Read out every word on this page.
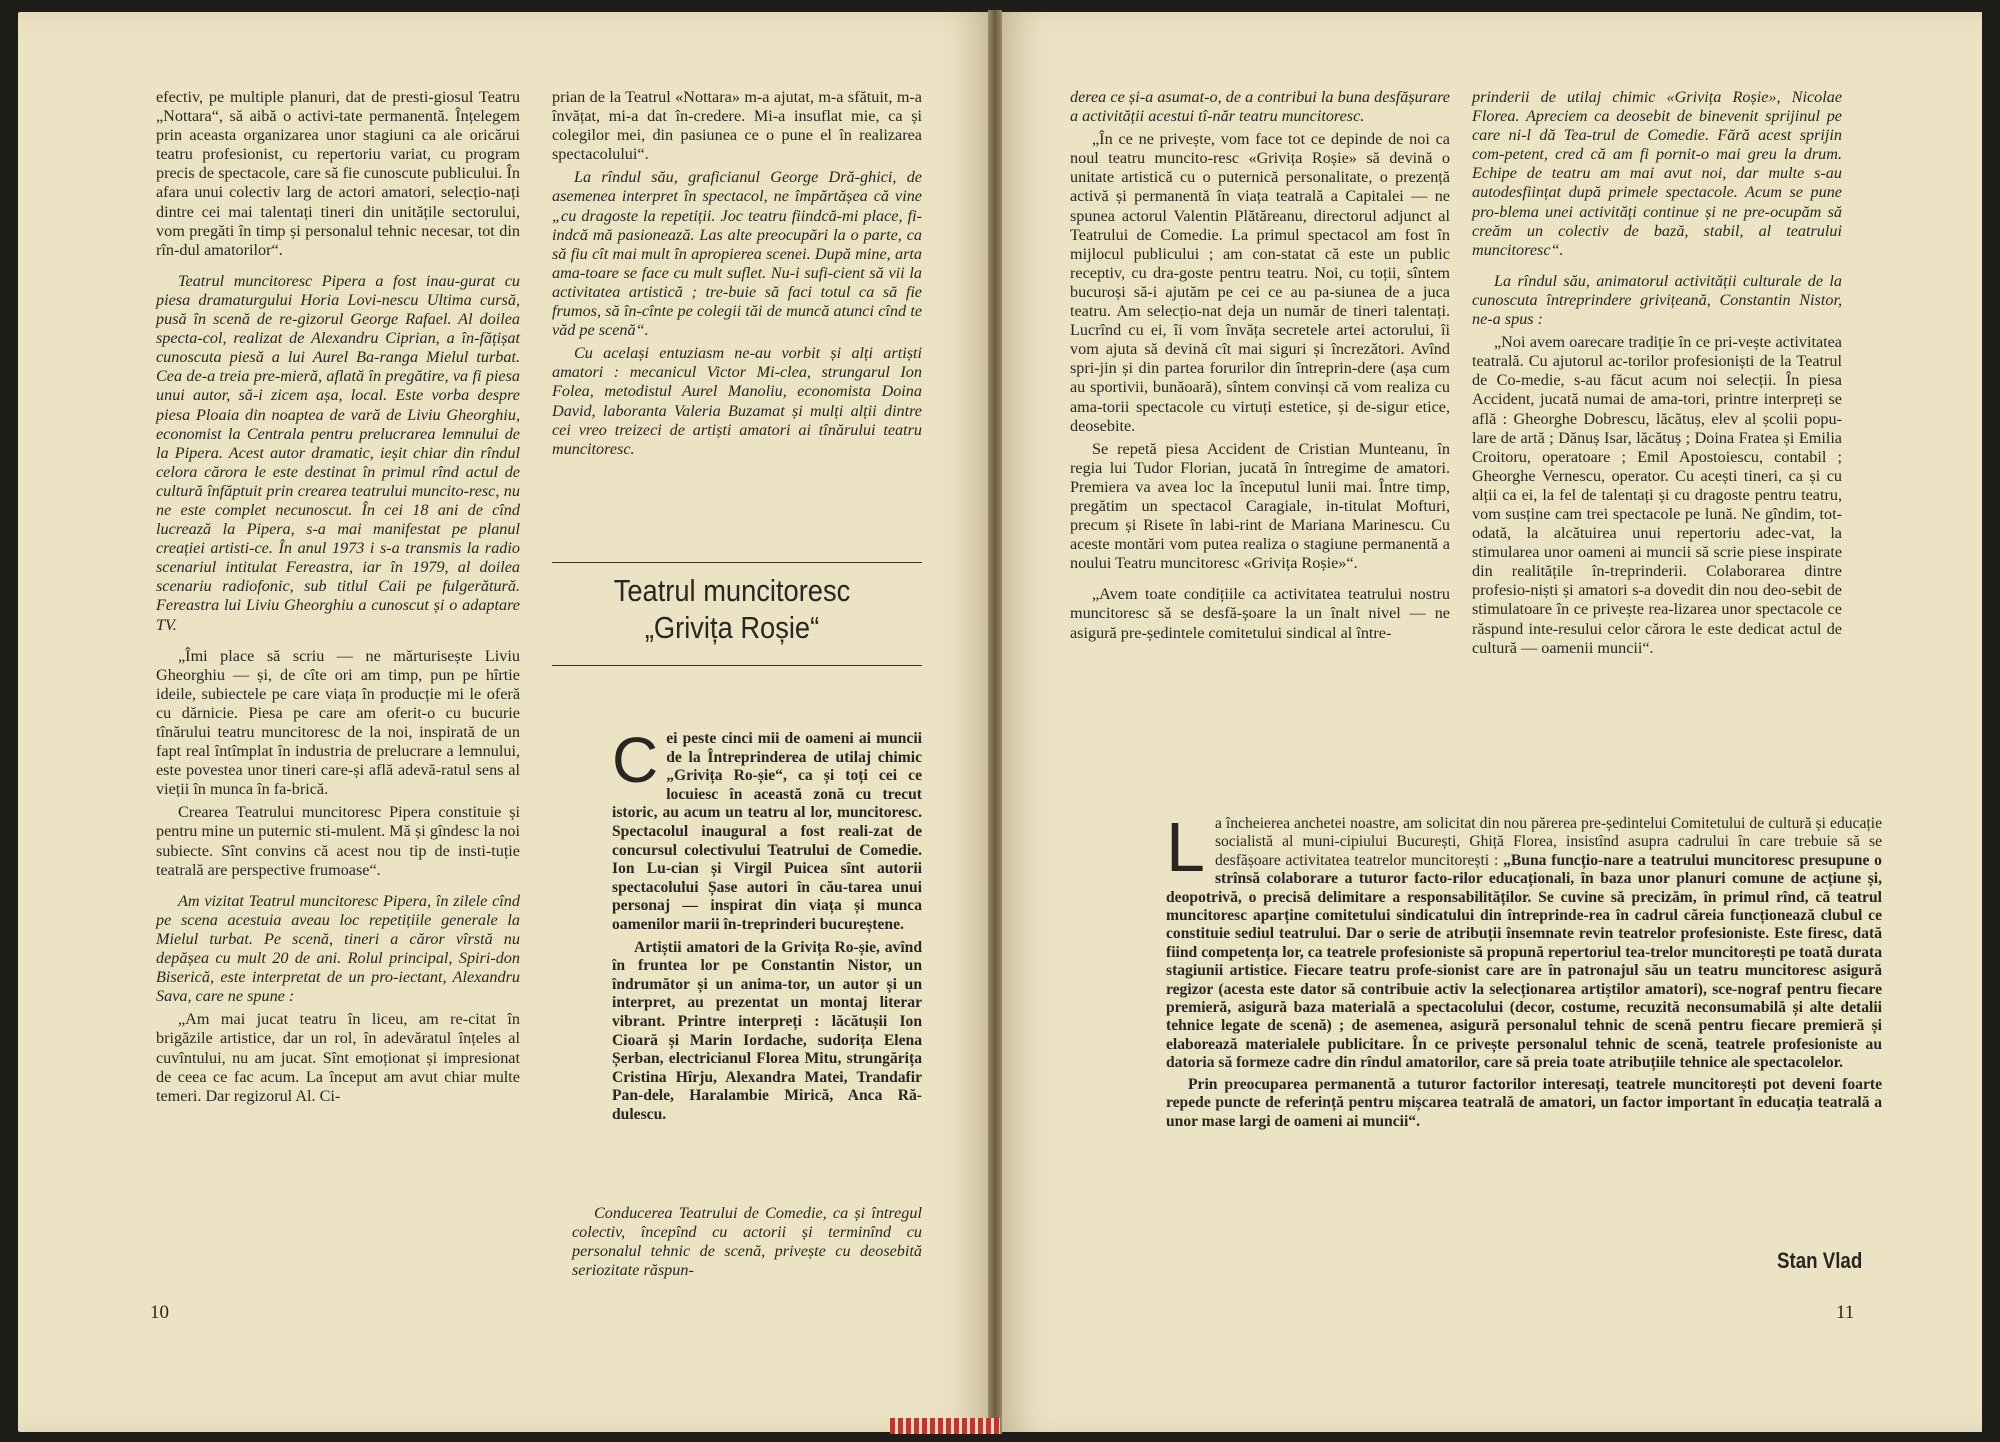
efectiv, pe multiple planuri, dat de presti-giosul Teatru „Nottara“, să aibă o activi-tate permanentă. Înțelegem prin aceasta organizarea unor stagiuni ca ale oricărui teatru profesionist, cu repertoriu variat, cu program precis de spectacole, care să fie cunoscute publicului. În afara unui colectiv larg de actori amatori, selecțio-nați dintre cei mai talentați tineri din unitățile sectorului, vom pregăti în timp și personalul tehnic necesar, tot din rîn-dul amatorilor“.

Teatrul muncitoresc Pipera a fost inau-gurat cu piesa dramaturgului Horia Lovi-nescu Ultima cursă, pusă în scenă de re-gizorul George Rafael. Al doilea specta-col, realizat de Alexandru Ciprian, a în-fățișat cunoscuta piesă a lui Aurel Ba-ranga Mielul turbat. Cea de-a treia pre-mieră, aflată în pregătire, va fi piesa unui autor, să-i zicem așa, local. Este vorba despre piesa Ploaia din noaptea de vară de Liviu Gheorghiu, economist la Centrala pentru prelucrarea lemnului de la Pipera. Acest autor dramatic, ieșit chiar din rîndul celora cărora le este destinat în primul rînd actul de cultură înfăptuit prin crearea teatrului muncito-resc, nu ne este complet necunoscut. În cei 18 ani de cînd lucrează la Pipera, s-a mai manifestat pe planul creației artisti-ce. În anul 1973 i s-a transmis la radio scenariul intitulat Fereastra, iar în 1979, al doilea scenariu radiofonic, sub titlul Caii pe fulgerătură. Fereastra lui Liviu Gheorghiu a cunoscut și o adaptare TV.

„Îmi place să scriu — ne mărturisește Liviu Gheorghiu — și, de cîte ori am timp, pun pe hîrtie ideile, subiectele pe care viața în producție mi le oferă cu dărnicie. Piesa pe care am oferit-o cu bucurie tînărului teatru muncitoresc de la noi, inspirată de un fapt real întîmplat în industria de prelucrare a lemnului, este povestea unor tineri care-și află adevă-ratul sens al vieții în munca în fa-brică.

Crearea Teatrului muncitoresc Pipera constituie și pentru mine un puternic sti-mulent. Mă și gîndesc la noi subiecte. Sînt convins că acest nou tip de insti-tuție teatrală are perspective frumoase“.

Am vizitat Teatrul muncitoresc Pipera, în zilele cînd pe scena acestuia aveau loc repetițiile generale la Mielul turbat. Pe scenă, tineri a căror vîrstă nu depășea cu mult 20 de ani. Rolul principal, Spiri-don Biserică, este interpretat de un pro-iectant, Alexandru Sava, care ne spune :

„Am mai jucat teatru în liceu, am re-citat în brigăzile artistice, dar un rol, în adevăratul înțeles al cuvîntului, nu am jucat. Sînt emoționat și impresionat de ceea ce fac acum. La început am avut chiar multe temeri. Dar regizorul Al. Ci-

prian de la Teatrul «Nottara» m-a ajutat, m-a sfătuit, m-a învățat, mi-a dat în-credere. Mi-a insuflat mie, ca și colegilor mei, din pasiunea ce o pune el în realizarea spectacolului“.

La rîndul său, graficianul George Dră-ghici, de asemenea interpret în spectacol, ne împărtășea că vine „cu dragoste la repetiții. Joc teatru fiindcă-mi place, fi-indcă mă pasionează. Las alte preocupări la o parte, ca să fiu cît mai mult în apropierea scenei. După mine, arta ama-toare se face cu mult suflet. Nu-i sufi-cient să vii la activitatea artistică ; tre-buie să faci totul ca să fie frumos, să în-cînte pe colegii tăi de muncă atunci cînd te văd pe scenă“.

Cu același entuziasm ne-au vorbit și alți artiști amatori : mecanicul Victor Mi-clea, strungarul Ion Folea, metodistul Aurel Manoliu, economista Doina David, laboranta Valeria Buzamat și mulți alții dintre cei vreo treizeci de artiști amatori ai tînărului teatru muncitoresc.

Teatrul muncitoresc
„Grivița Roșie“

Cei peste cinci mii de oameni ai muncii de la Întreprinderea de utilaj chimic „Grivița Ro-șie“, ca și toți cei ce locuiesc în această zonă cu trecut istoric, au acum un teatru al lor, muncitoresc. Spectacolul inaugural a fost reali-zat de concursul colectivului Teatrului de Comedie. Ion Lu-cian și Virgil Puicea sînt autorii spectacolului Șase autori în cău-tarea unui personaj — inspirat din viața și munca oamenilor marii în-treprinderi bucureștene.

Artiștii amatori de la Grivița Ro-șie, avînd în fruntea lor pe Constantin Nistor, un îndrumător și un anima-tor, un autor și un interpret, au prezentat un montaj literar vibrant. Printre interpreți : lăcătușii Ion Cioară și Marin Iordache, sudorița Elena Șerban, electricianul Florea Mitu, strungărița Cristina Hîrju, Alexandra Matei, Trandafir Pan-dele, Haralambie Mirică, Anca Ră-dulescu.

Conducerea Teatrului de Comedie, ca și întregul colectiv, începînd cu actorii și terminînd cu personalul tehnic de scenă, privește cu deosebită seriozitate răspun-

10

derea ce și-a asumat-o, de a contribui la buna desfășurare a activității acestui tî-năr teatru muncitoresc.

„În ce ne privește, vom face tot ce depinde de noi ca noul teatru muncito-resc «Grivița Roșie» să devină o unitate artistică cu o puternică personalitate, o prezență activă și permanentă în viața teatrală a Capitalei — ne spunea actorul Valentin Plătăreanu, directorul adjunct al Teatrului de Comedie. La primul spectacol am fost în mijlocul publicului ; am con-statat că este un public receptiv, cu dra-goste pentru teatru. Noi, cu toții, sîntem bucuroși să-i ajutăm pe cei ce au pa-siunea de a juca teatru. Am selecțio-nat deja un număr de tineri talentați. Lucrînd cu ei, îi vom învăța secretele artei actorului, îi vom ajuta să devină cît mai siguri și încrezători. Avînd spri-jin și din partea forurilor din întreprin-dere (așa cum au sportivii, bunăoară), sîntem convinși că vom realiza cu ama-torii spectacole cu virtuți estetice, și de-sigur etice, deosebite.

Se repetă piesa Accident de Cristian Munteanu, în regia lui Tudor Florian, jucată în întregime de amatori. Premiera va avea loc la începutul lunii mai. Între timp, pregătim un spectacol Caragiale, in-titulat Mofturi, precum și Risete în labi-rint de Mariana Marinescu. Cu aceste montări vom putea realiza o stagiune permanentă a noului Teatru muncitoresc «Grivița Roșie»“.

„Avem toate condițiile ca activitatea teatrului nostru muncitoresc să se desfă-șoare la un înalt nivel — ne asigură pre-ședintele comitetului sindical al între-

prinderii de utilaj chimic «Grivița Roșie», Nicolae Florea. Apreciem ca deosebit de binevenit sprijinul pe care ni-l dă Tea-trul de Comedie. Fără acest sprijin com-petent, cred că am fi pornit-o mai greu la drum. Echipe de teatru am mai avut noi, dar multe s-au autodesființat după primele spectacole. Acum se pune pro-blema unei activități continue și ne pre-ocupăm să creăm un colectiv de bază, stabil, al teatrului muncitoresc“.

La rîndul său, animatorul activității culturale de la cunoscuta întreprindere grivițeană, Constantin Nistor, ne-a spus :

„Noi avem oarecare tradiție în ce pri-vește activitatea teatrală. Cu ajutorul ac-torilor profesioniști de la Teatrul de Co-medie, s-au făcut acum noi selecții. În piesa Accident, jucată numai de ama-tori, printre interpreți se află : Gheorghe Dobrescu, lăcătuș, elev al școlii popu-lare de artă ; Dănuș Isar, lăcătuș ; Doina Fratea și Emilia Croitoru, operatoare ; Emil Apostoiescu, contabil ; Gheorghe Vernescu, operator. Cu acești tineri, ca și cu alții ca ei, la fel de talentați și cu dragoste pentru teatru, vom susține cam trei spectacole pe lună. Ne gîndim, tot-odată, la alcătuirea unui repertoriu adec-vat, la stimularea unor oameni ai muncii să scrie piese inspirate din realitățile în-treprinderii. Colaborarea dintre profesio-niști și amatori s-a dovedit din nou deo-sebit de stimulatoare în ce privește rea-lizarea unor spectacole ce răspund inte-resului celor cărora le este dedicat actul de cultură — oamenii muncii“.

La încheierea anchetei noastre, am solicitat din nou părerea pre-ședintelui Comitetului de cultură și educație socialistă al muni-cipiului București, Ghiță Florea, insistînd asupra cadrului în care trebuie să se desfășoare activitatea teatrelor muncitorești : „Buna funcțio-nare a teatrului muncitoresc presupune o strînsă colaborare a tuturor facto-rilor educaționali, în baza unor planuri comune de acțiune și, deopotrivă, o precisă delimitare a responsabilităților. Se cuvine să precizăm, în primul rînd, că teatrul muncitoresc aparține comitetului sindicatului din întreprinde-rea în cadrul căreia funcționează clubul ce constituie sediul teatrului. Dar o serie de atribuții însemnate revin teatrelor profesioniste. Este firesc, dată fiind competența lor, ca teatrele profesioniste să propună repertoriul tea-trelor muncitorești pe toată durata stagiunii artistice. Fiecare teatru profe-sionist care are în patronajul său un teatru muncitoresc asigură regizor (acesta este dator să contribuie activ la selecționarea artiștilor amatori), sce-nograf pentru fiecare premieră, asigură baza materială a spectacolului (decor, costume, recuzită neconsumabilă și alte detalii tehnice legate de scenă) ; de asemenea, asigură personalul tehnic de scenă pentru fiecare premieră și elaborează materialele publicitare. În ce privește personalul tehnic de scenă, teatrele profesioniste au datoria să formeze cadre din rîndul amatorilor, care să preia toate atribuțiile tehnice ale spectacolelor.

Prin preocuparea permanentă a tuturor factorilor interesați, teatrele muncitorești pot deveni foarte repede puncte de referință pentru mișcarea teatrală de amatori, un factor important în educația teatrală a unor mase largi de oameni ai muncii“.

Stan Vlad
11
